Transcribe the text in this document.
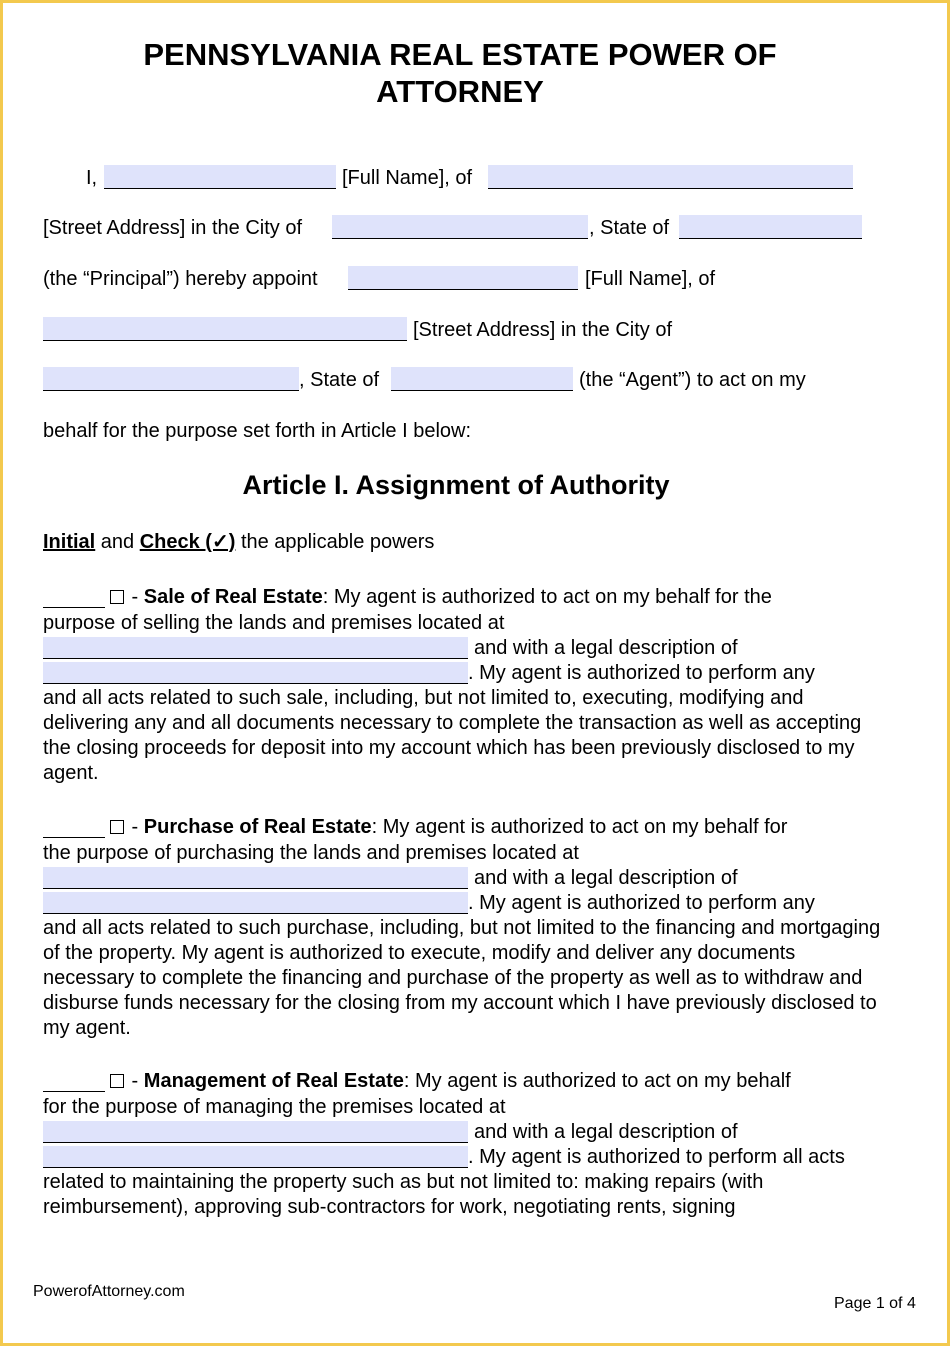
PENNSYLVANIA REAL ESTATE POWER OF
ATTORNEY
I,	[Full Name], of
[Street Address] in the City of	, State of
(the “Principal”) hereby appoint	[Full Name], of
[Street Address] in the City of
, State of	(the “Agent”) to act on my
behalf for the purpose set forth in Article I below:
Article I. Assignment of Authority
Initial and Check (✓) the applicable powers
- Sale of Real Estate: My agent is authorized to act on my behalf for the
purpose of selling the lands and premises located at
and with a legal description of
. My agent is authorized to perform any
and all acts related to such sale, including, but not limited to, executing, modifying and delivering any and all documents necessary to complete the transaction as well as accepting the closing proceeds for deposit into my account which has been previously disclosed to my agent.
- Purchase of Real Estate: My agent is authorized to act on my behalf for
the purpose of purchasing the lands and premises located at
and with a legal description of
. My agent is authorized to perform any
and all acts related to such purchase, including, but not limited to the financing and mortgaging of the property. My agent is authorized to execute, modify and deliver any documents necessary to complete the financing and purchase of the property as well as to withdraw and disburse funds necessary for the closing from my account which I have previously disclosed to my agent.
- Management of Real Estate: My agent is authorized to act on my behalf
for the purpose of managing the premises located at
and with a legal description of
. My agent is authorized to perform all acts
related to maintaining the property such as but not limited to: making repairs (with reimbursement), approving sub-contractors for work, negotiating rents, signing
PowerofAttorney.com
Page 1 of 4
